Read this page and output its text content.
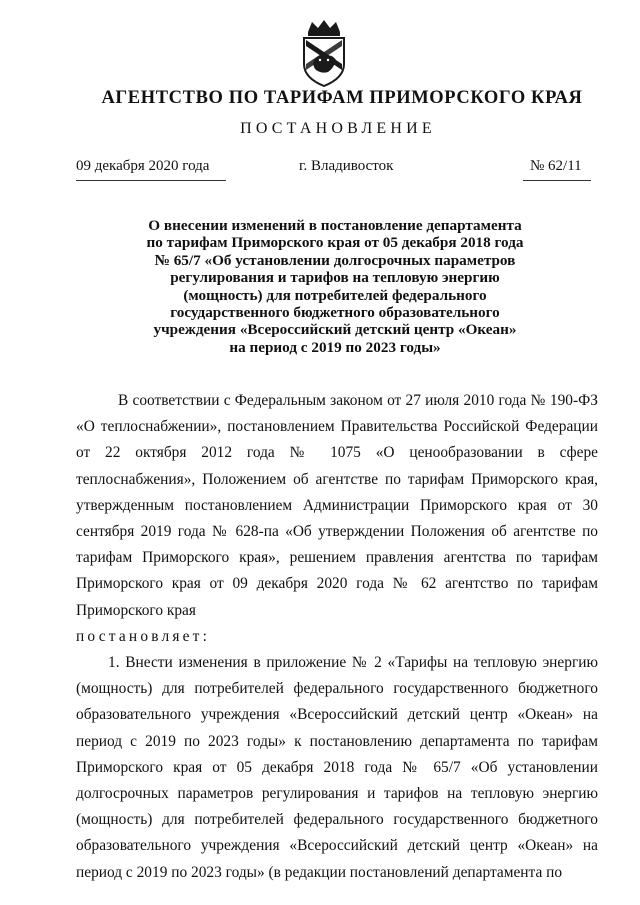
АГЕНТСТВО ПО ТАРИФАМ ПРИМОРСКОГО КРАЯ
ПОСТАНОВЛЕНИЕ
09 декабря 2020 года	г. Владивосток	№ 62/11
О внесении изменений в постановление департамента
по тарифам Приморского края от 05 декабря 2018 года
№ 65/7 «Об установлении долгосрочных параметров
регулирования и тарифов на тепловую энергию
(мощность) для потребителей федерального
государственного бюджетного образовательного
учреждения «Всероссийский детский центр «Океан»
на период с 2019 по 2023 годы»

В соответствии с Федеральным законом от 27 июля 2010 года № 190-ФЗ «О теплоснабжении», постановлением Правительства Российской Федерации от 22 октября 2012 года № 1075 «О ценообразовании в сфере теплоснабжения», Положением об агентстве по тарифам Приморского края, утвержденным постановлением Администрации Приморского края от 30 сентября 2019 года № 628-па «Об утверждении Положения об агентстве по тарифам Приморского края», решением правления агентства по тарифам Приморского края от 09 декабря 2020 года № 62 агентство по тарифам Приморского края

постановляет:

1. Внести изменения в приложение № 2 «Тарифы на тепловую энергию (мощность) для потребителей федерального государственного бюджетного образовательного учреждения «Всероссийский детский центр «Океан» на период с 2019 по 2023 годы» к постановлению департамента по тарифам Приморского края от 05 декабря 2018 года № 65/7 «Об установлении долгосрочных параметров регулирования и тарифов на тепловую энергию (мощность) для потребителей федерального государственного бюджетного образовательного учреждения «Всероссийский детский центр «Океан» на период с 2019 по 2023 годы» (в редакции постановлений департамента по
